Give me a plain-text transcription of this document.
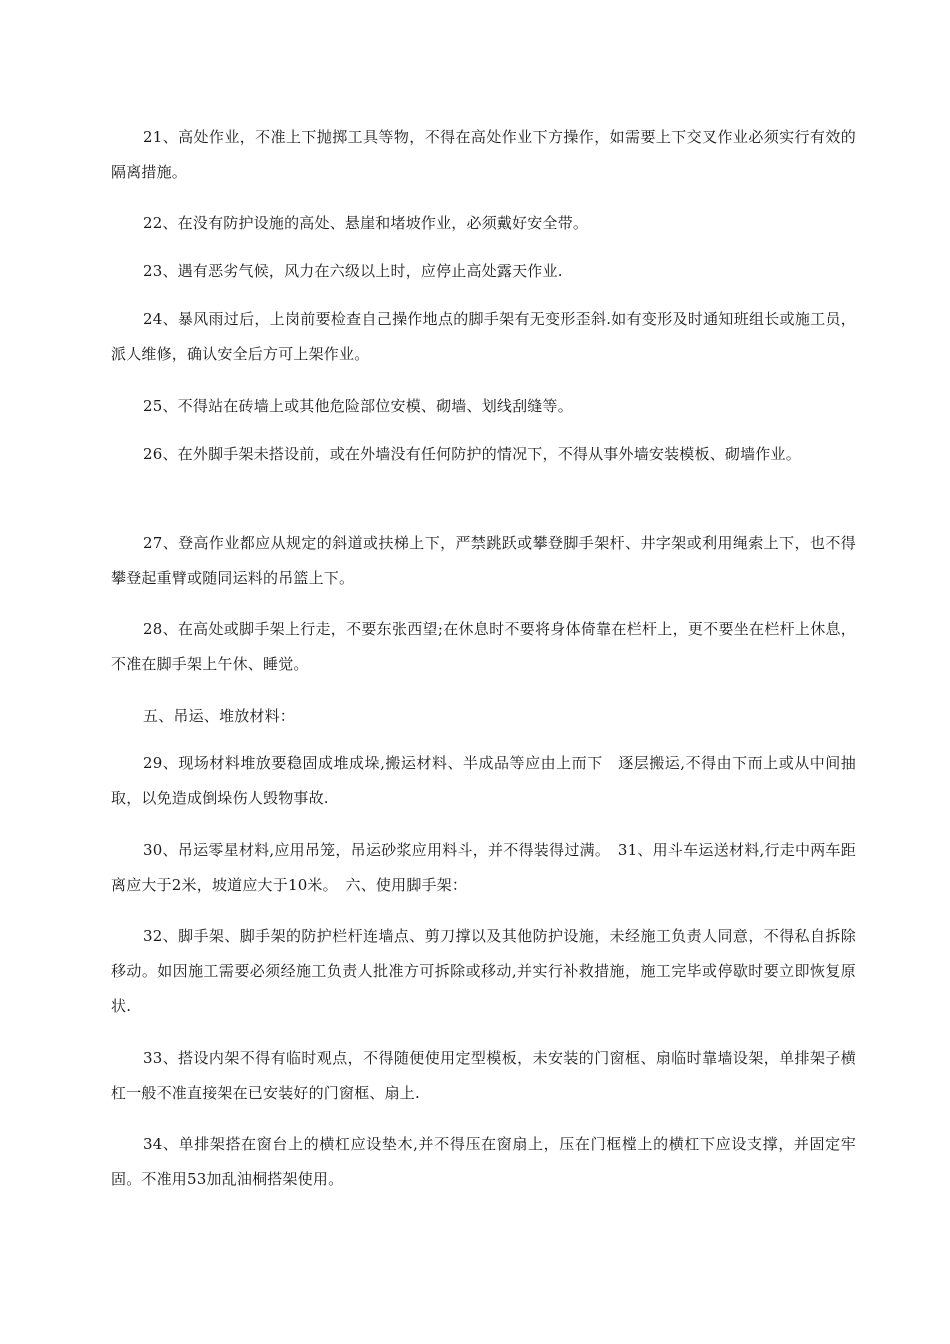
21、高处作业，不准上下抛掷工具等物，不得在高处作业下方操作，如需要上下交叉作业必须实行有效的隔离措施。

22、在没有防护设施的高处、悬崖和堵坡作业，必须戴好安全带。

23、遇有恶劣气候，风力在六级以上时，应停止高处露天作业.

24、暴风雨过后，上岗前要检查自己操作地点的脚手架有无变形歪斜.如有变形及时通知班组长或施工员，派人维修，确认安全后方可上架作业。

25、不得站在砖墙上或其他危险部位安模、砌墙、划线刮缝等。

26、在外脚手架未搭设前，或在外墙没有任何防护的情况下，不得从事外墙安装模板、砌墙作业。

27、登高作业都应从规定的斜道或扶梯上下，严禁跳跃或攀登脚手架杆、井字架或利用绳索上下，也不得攀登起重臂或随同运料的吊篮上下。

28、在高处或脚手架上行走，不要东张西望;在休息时不要将身体倚靠在栏杆上，更不要坐在栏杆上休息，不准在脚手架上午休、睡觉。

五、吊运、堆放材料：

29、现场材料堆放要稳固成堆成垛,搬运材料、半成品等应由上而下　逐层搬运,不得由下而上或从中间抽取，以免造成倒垛伤人毁物事故.

30、吊运零星材料,应用吊笼，吊运砂浆应用料斗，并不得装得过满。　31、用斗车运送材料,行走中两车距离应大于2米，坡道应大于10米。　六、使用脚手架：

32、脚手架、脚手架的防护栏杆连墙点、剪刀撑以及其他防护设施，未经施工负责人同意，不得私自拆除移动。如因施工需要必须经施工负责人批准方可拆除或移动,并实行补救措施，施工完毕或停歇时要立即恢复原状.

33、搭设内架不得有临时观点，不得随便使用定型模板，未安装的门窗框、扇临时靠墙设架，单排架子横杠一般不准直接架在已安装好的门窗框、扇上.

34、单排架搭在窗台上的横杠应设垫木,并不得压在窗扇上，压在门框樘上的横杠下应设支撑，并固定牢固。不准用53加乱油桐搭架使用。
